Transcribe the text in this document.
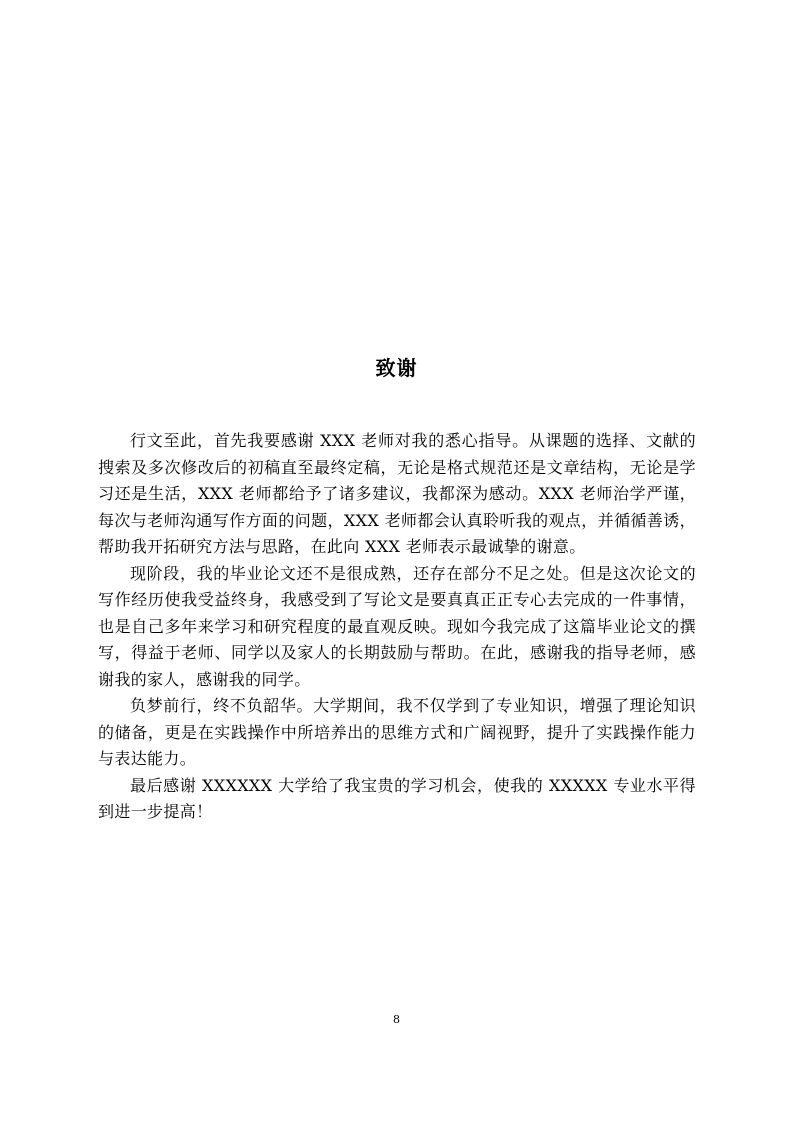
致谢

行文至此，首先我要感谢 XXX 老师对我的悉心指导。从课题的选择、文献的搜索及多次修改后的初稿直至最终定稿，无论是格式规范还是文章结构，无论是学习还是生活，XXX 老师都给予了诸多建议，我都深为感动。XXX 老师治学严谨，每次与老师沟通写作方面的问题，XXX 老师都会认真聆听我的观点，并循循善诱，帮助我开拓研究方法与思路，在此向 XXX 老师表示最诚挚的谢意。

现阶段，我的毕业论文还不是很成熟，还存在部分不足之处。但是这次论文的写作经历使我受益终身，我感受到了写论文是要真真正正专心去完成的一件事情，也是自己多年来学习和研究程度的最直观反映。现如今我完成了这篇毕业论文的撰写，得益于老师、同学以及家人的长期鼓励与帮助。在此，感谢我的指导老师，感谢我的家人，感谢我的同学。

负梦前行，终不负韶华。大学期间，我不仅学到了专业知识，增强了理论知识的储备，更是在实践操作中所培养出的思维方式和广阔视野，提升了实践操作能力与表达能力。

最后感谢 XXXXXX 大学给了我宝贵的学习机会，使我的 XXXXX 专业水平得到进一步提高！

8
